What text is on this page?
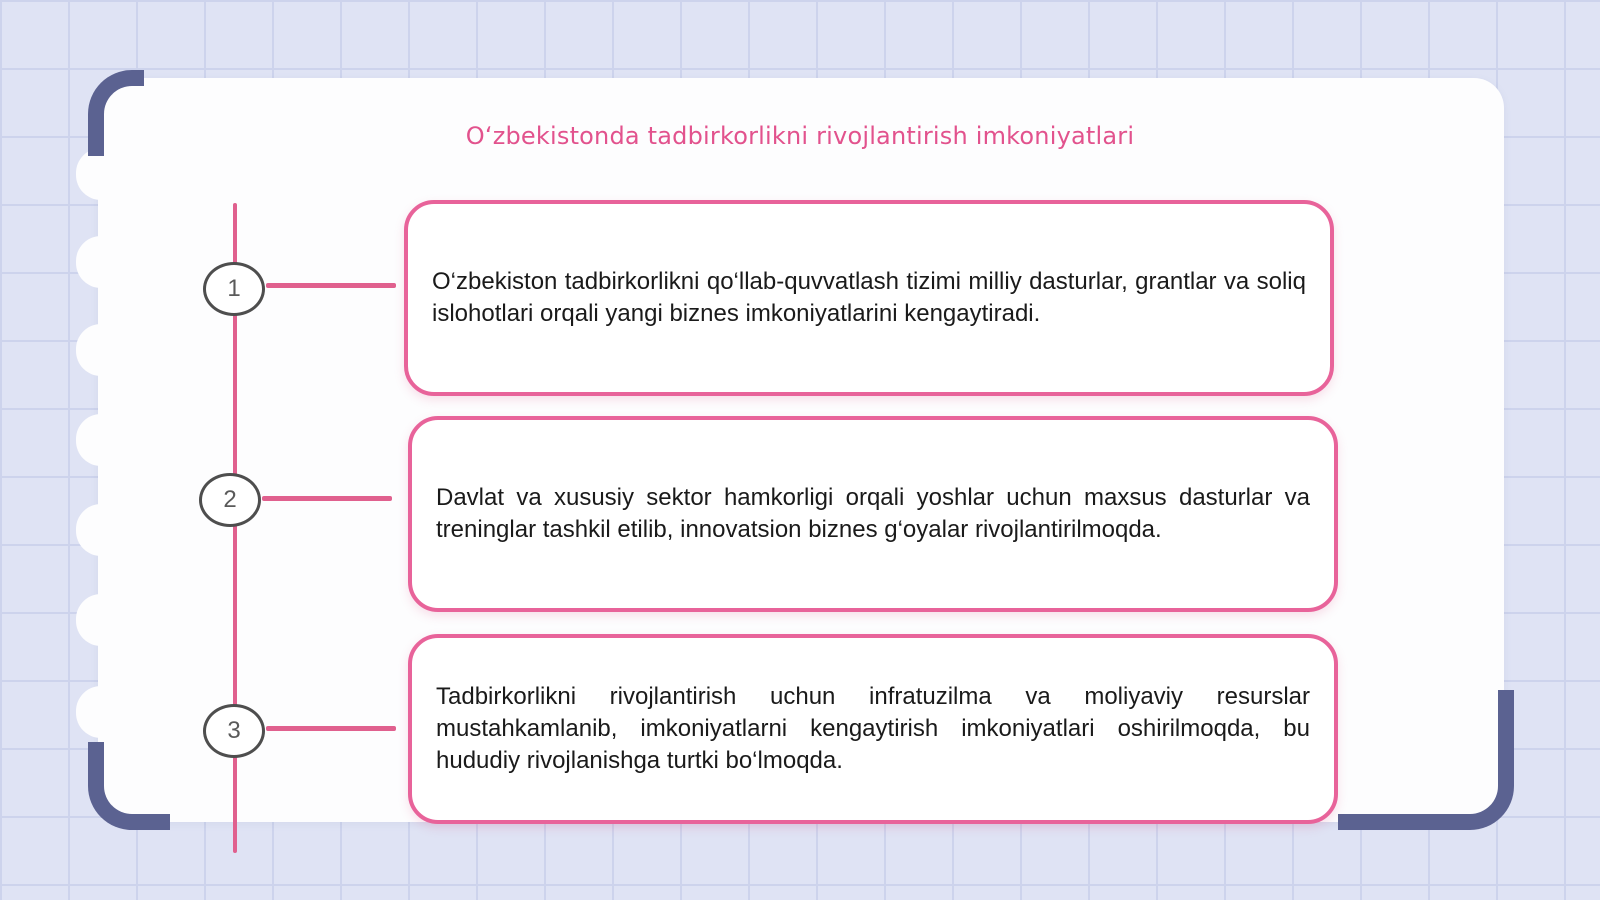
Oʻzbekistonda tadbirkorlikni rivojlantirish imkoniyatlari
1
2
3

O‘zbekiston tadbirkorlikni qo‘llab-quvvatlash tizimi milliy dasturlar, grantlar va soliq islohotlari orqali yangi biznes imkoniyatlarini kengaytiradi.

Davlat va xususiy sektor hamkorligi orqali yoshlar uchun maxsus dasturlar va treninglar tashkil etilib, innovatsion biznes g‘oyalar rivojlantirilmoqda.

Tadbirkorlikni rivojlantirish uchun infratuzilma va moliyaviy resurslar mustahkamlanib, imkoniyatlarni kengaytirish imkoniyatlari oshirilmoqda, bu hududiy rivojlanishga turtki bo‘lmoqda.
